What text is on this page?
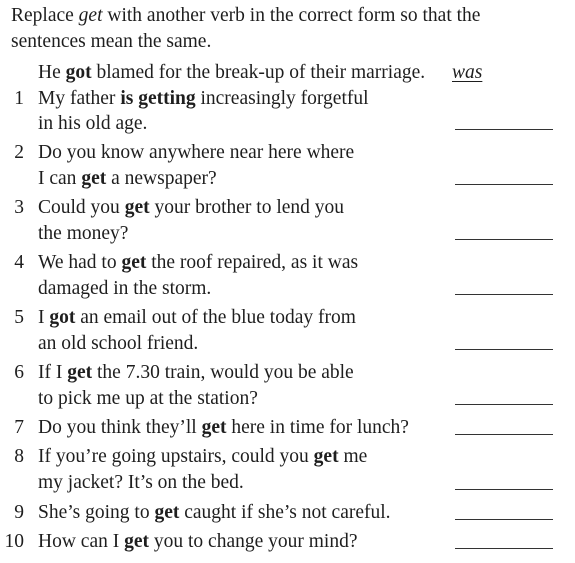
Replace get with another verb in the correct form so that the
sentences mean the same.
He got blamed for the break-up of their marriage. was
1 My father is getting increasingly forgetful
in his old age.
2 Do you know anywhere near here where
I can get a newspaper?
3 Could you get your brother to lend you
the money?
4 We had to get the roof repaired, as it was
damaged in the storm.
5 I got an email out of the blue today from
an old school friend.
6 If I get the 7.30 train, would you be able
to pick me up at the station?
7 Do you think they’ll get here in time for lunch?
8 If you’re going upstairs, could you get me
my jacket? It’s on the bed.
9 She’s going to get caught if she’s not careful.
10 How can I get you to change your mind?
